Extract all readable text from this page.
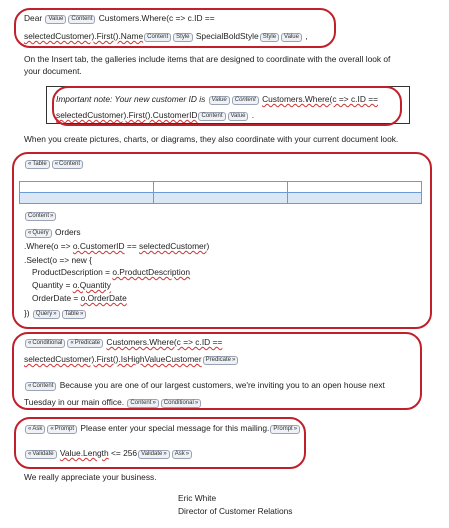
Dear Value Content Customers.Where(c => c.ID ==
selectedCustomer).First().Name Content Style SpecialBoldStyle Style Value ,
On the Insert tab, the galleries include items that are designed to coordinate with the overall look of
your document.
Important note: Your new customer ID is Value Content Customers.Where(c => c.ID ==
selectedCustomer).First().CustomerID Content Value .
When you create pictures, charts, or diagrams, they also coordinate with your current document look.
« Table « Content

Content »
« Query Orders
.Where(o => o.CustomerID == selectedCustomer)
.Select(o => new {
ProductDescription = o.ProductDescription
Quantity = o.Quantity
OrderDate = o.OrderDate
}) Query » Table »
« Conditional « Predicate Customers.Where(c => c.ID ==
selectedCustomer).First().IsHighValueCustomer Predicate »
« Content Because you are one of our largest customers, we're inviting you to an open house next
Tuesday in our main office. Content » Conditional »
« Ask « Prompt Please enter your special message for this mailing. Prompt »
« Validate Value.Length <= 256 Validate » Ask »
We really appreciate your business.
Eric White
Director of Customer Relations
